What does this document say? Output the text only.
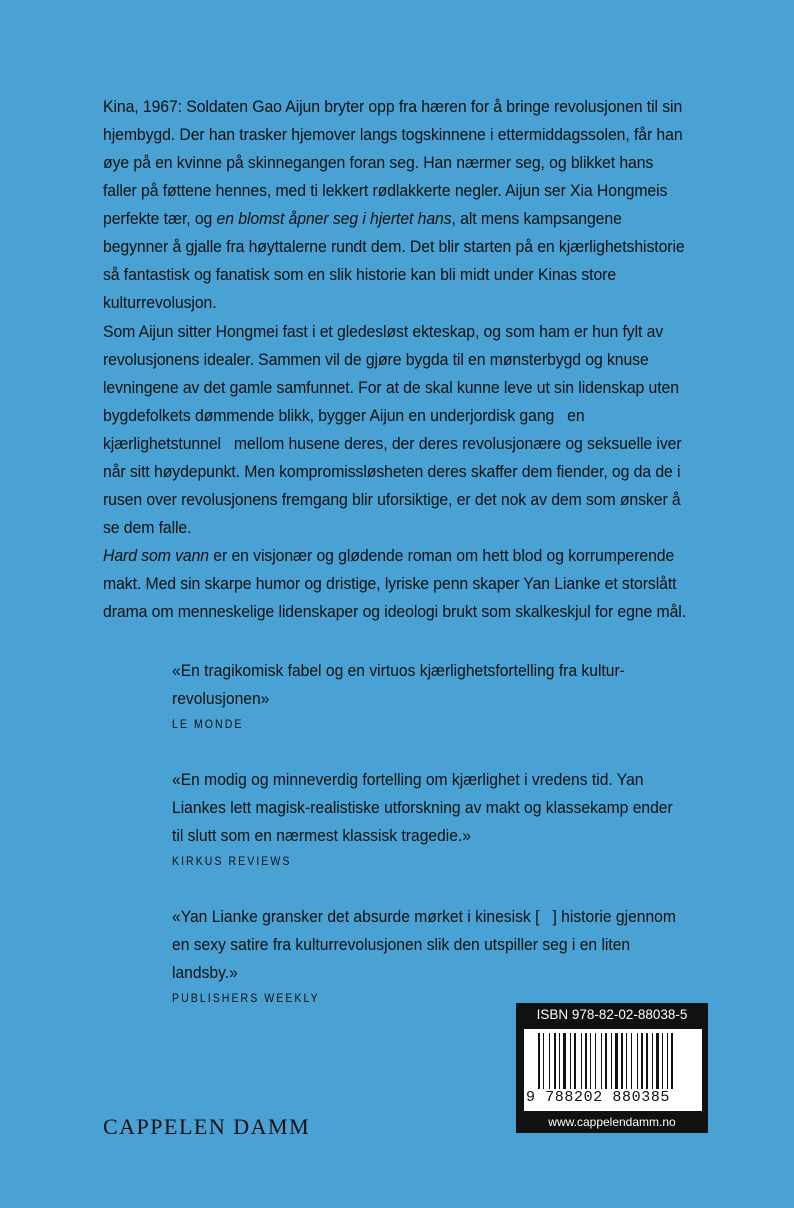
Kina, 1967: Soldaten Gao Aijun bryter opp fra hæren for å bringe revolusjonen til sin hjembygd. Der han trasker hjemover langs togskinnene i ettermiddagssolen, får han øye på en kvinne på skinnegangen foran seg. Han nærmer seg, og blikket hans faller på føttene hennes, med ti lekkert rødlakkerte negler. Aijun ser Xia Hongmeis perfekte tær, og en blomst åpner seg i hjertet hans, alt mens kampsangene begynner å gjalle fra høyttalerne rundt dem. Det blir starten på en kjærlighetshistorie så fantastisk og fanatisk som en slik historie kan bli midt under Kinas store kulturrevolusjon.

Som Aijun sitter Hongmei fast i et gledesløst ekteskap, og som ham er hun fylt av revolusjonens idealer. Sammen vil de gjøre bygda til en mønsterbygd og knuse levningene av det gamle samfunnet. For at de skal kunne leve ut sin lidenskap uten bygdefolkets dømmende blikk, bygger Aijun en underjordisk gang   en kjærlighetstunnel   mellom husene deres, der deres revolusjonære og seksuelle iver når sitt høydepunkt. Men kompromissløsheten deres skaffer dem fiender, og da de i rusen over revolusjonens fremgang blir uforsiktige, er det nok av dem som ønsker å se dem falle.

Hard som vann er en visjonær og glødende roman om hett blod og korrumperende makt. Med sin skarpe humor og dristige, lyriske penn skaper Yan Lianke et storslått drama om menneskelige lidenskaper og ideologi brukt som skalkeskjul for egne mål.

«En tragikomisk fabel og en virtuos kjærlighetsfortelling fra kultur-revolusjonen»

LE MONDE

«En modig og minneverdig fortelling om kjærlighet i vredens tid. Yan Liankes lett magisk-realistiske utforskning av makt og klassekamp ender til slutt som en nærmest klassisk tragedie.»

KIRKUS REVIEWS

«Yan Lianke gransker det absurde mørket i kinesisk [   ] historie gjennom en sexy satire fra kulturrevolusjonen slik den utspiller seg i en liten landsby.»

PUBLISHERS WEEKLY
CAPPELEN DAMM
ISBN 978-82-02-88038-5
9 788202 880385
www.cappelendamm.no
